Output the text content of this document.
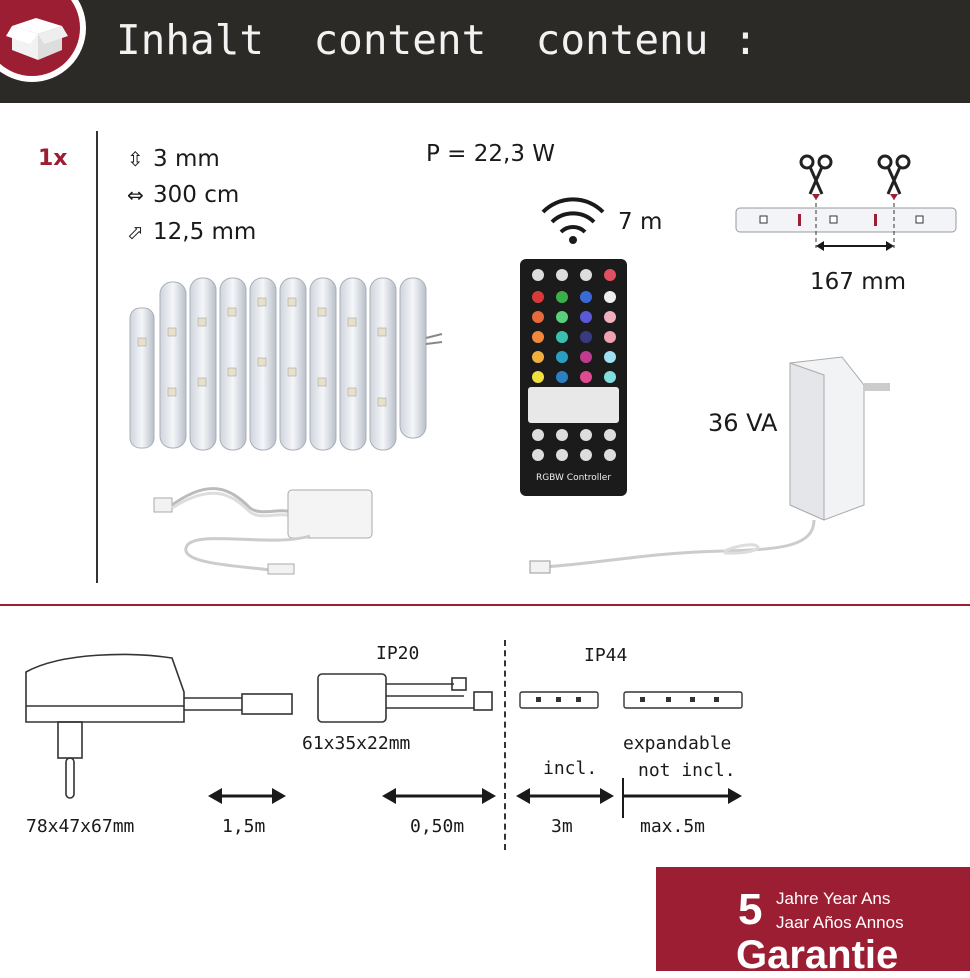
Inhalt  content  contenu :
1x	⇳ 3 mm
⇔ 300 cm
⬀ 12,5 mm
P = 22,3 W
7 m
RGBW Controller
167 mm
36 VA
78x47x67mm	1,5m
IP20
61x35x22mm
0,50m
IP44
incl.
3m
expandable
not incl.
max.5m
5 Jahre Year Ans
Jaar Años Annos
Garantie
